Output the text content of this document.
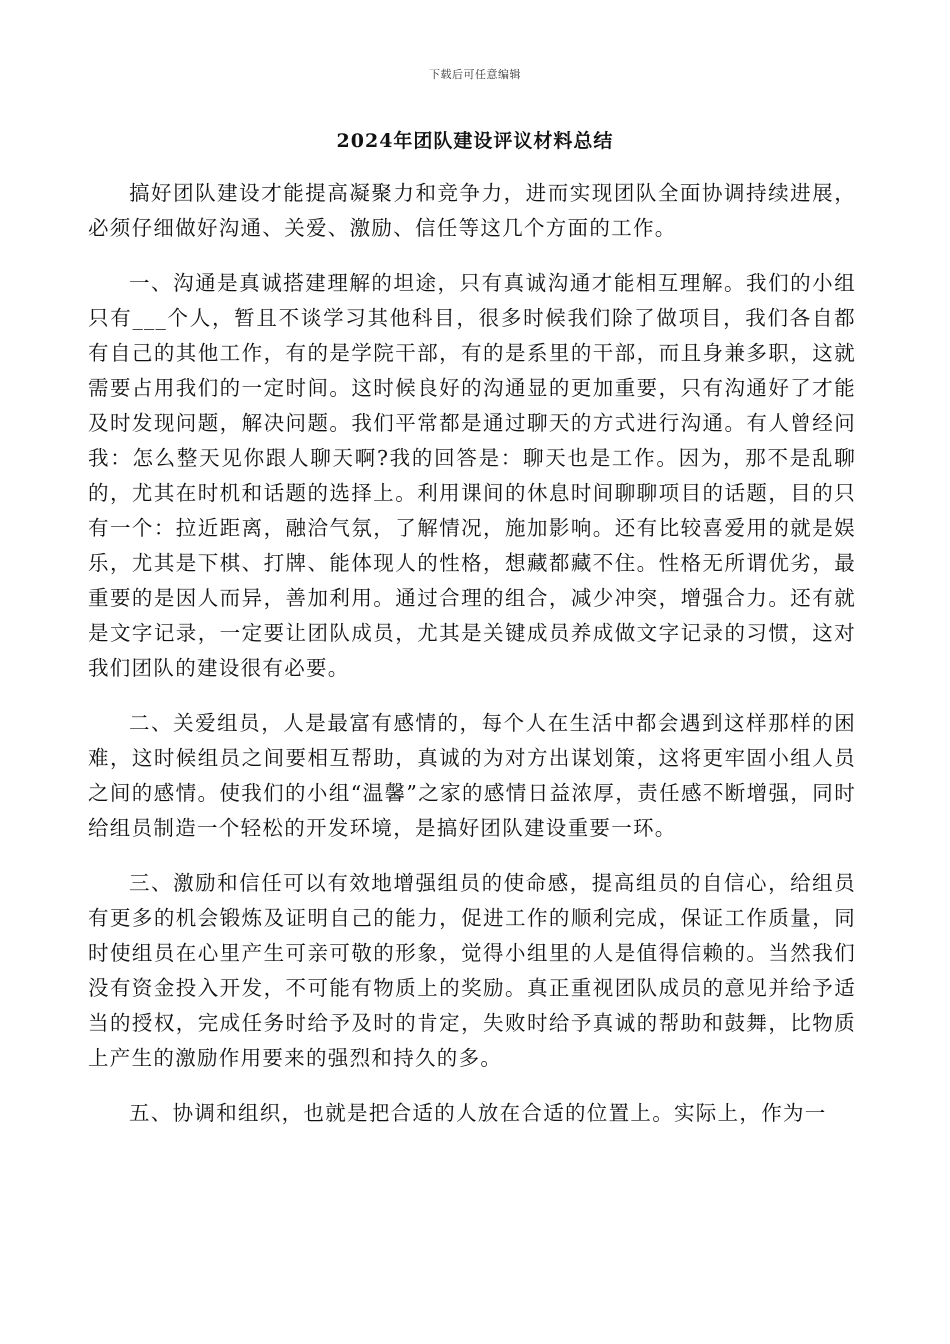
下载后可任意编辑
2024年团队建设评议材料总结

搞好团队建设才能提高凝聚力和竞争力，进而实现团队全面协调持续进展，必须仔细做好沟通、关爱、激励、信任等这几个方面的工作。

一、沟通是真诚搭建理解的坦途，只有真诚沟通才能相互理解。我们的小组只有___个人，暂且不谈学习其他科目，很多时候我们除了做项目，我们各自都有自己的其他工作，有的是学院干部，有的是系里的干部，而且身兼多职，这就需要占用我们的一定时间。这时候良好的沟通显的更加重要，只有沟通好了才能及时发现问题，解决问题。我们平常都是通过聊天的方式进行沟通。有人曾经问我：怎么整天见你跟人聊天啊?我的回答是：聊天也是工作。因为，那不是乱聊的，尤其在时机和话题的选择上。利用课间的休息时间聊聊项目的话题，目的只有一个：拉近距离，融洽气氛，了解情况，施加影响。还有比较喜爱用的就是娱乐，尤其是下棋、打牌、能体现人的性格，想藏都藏不住。性格无所谓优劣，最重要的是因人而异，善加利用。通过合理的组合，减少冲突，增强合力。还有就是文字记录，一定要让团队成员，尤其是关键成员养成做文字记录的习惯，这对我们团队的建设很有必要。

二、关爱组员，人是最富有感情的，每个人在生活中都会遇到这样那样的困难，这时候组员之间要相互帮助，真诚的为对方出谋划策，这将更牢固小组人员之间的感情。使我们的小组“温馨”之家的感情日益浓厚，责任感不断增强，同时给组员制造一个轻松的开发环境，是搞好团队建设重要一环。

三、激励和信任可以有效地增强组员的使命感，提高组员的自信心，给组员有更多的机会锻炼及证明自己的能力，促进工作的顺利完成，保证工作质量，同时使组员在心里产生可亲可敬的形象，觉得小组里的人是值得信赖的。当然我们没有资金投入开发，不可能有物质上的奖励。真正重视团队成员的意见并给予适当的授权，完成任务时给予及时的肯定，失败时给予真诚的帮助和鼓舞，比物质上产生的激励作用要来的强烈和持久的多。

五、协调和组织，也就是把合适的人放在合适的位置上。实际上，作为一
